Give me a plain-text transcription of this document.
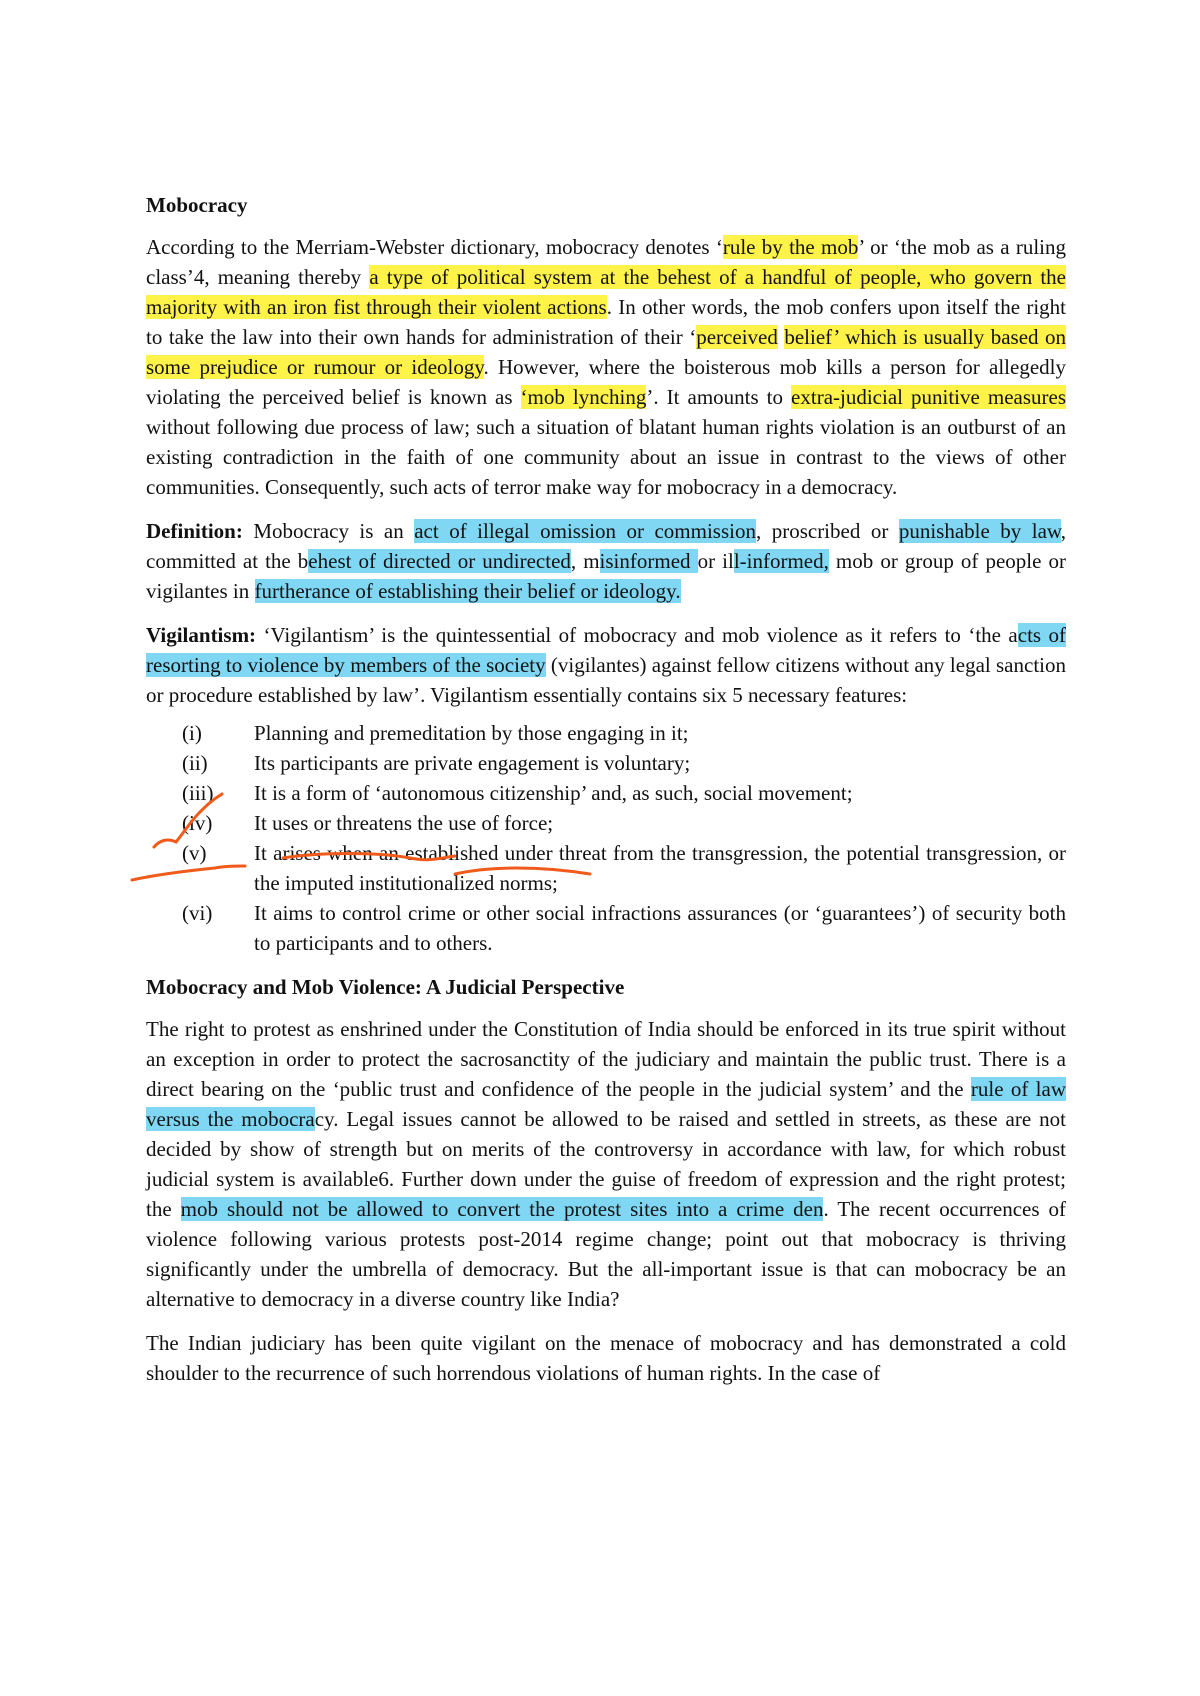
Mobocracy

According to the Merriam-Webster dictionary, mobocracy denotes ‘rule by the mob’ or ‘the mob as a ruling class’4, meaning thereby a type of political system at the behest of a handful of people, who govern the majority with an iron fist through their violent actions. In other words, the mob confers upon itself the right to take the law into their own hands for administration of their ‘perceived belief’ which is usually based on some prejudice or rumour or ideology. However, where the boisterous mob kills a person for allegedly violating the perceived belief is known as ‘mob lynching’. It amounts to extra-judicial punitive measures without following due process of law; such a situation of blatant human rights violation is an outburst of an existing contradiction in the faith of one community about an issue in contrast to the views of other communities. Consequently, such acts of terror make way for mobocracy in a democracy.

Definition: Mobocracy is an act of illegal omission or commission, proscribed or punishable by law, committed at the behest of directed or undirected, misinformed or ill-informed, mob or group of people or vigilantes in furtherance of establishing their belief or ideology.

Vigilantism: ‘Vigilantism’ is the quintessential of mobocracy and mob violence as it refers to ‘the acts of resorting to violence by members of the society (vigilantes) against fellow citizens without any legal sanction or procedure established by law’. Vigilantism essentially contains six 5 necessary features:

(i)	Planning and premeditation by those engaging in it;
(ii)	Its participants are private engagement is voluntary;
(iii)	It is a form of ‘autonomous citizenship’ and, as such, social movement;
(iv)	It uses or threatens the use of force;
(v)	It arises when an established under threat from the transgression, the potential transgression, or the imputed institutionalized norms;
(vi)	It aims to control crime or other social infractions assurances (or ‘guarantees’) of security both to participants and to others.
Mobocracy and Mob Violence: A Judicial Perspective

The right to protest as enshrined under the Constitution of India should be enforced in its true spirit without an exception in order to protect the sacrosanctity of the judiciary and maintain the public trust. There is a direct bearing on the ‘public trust and confidence of the people in the judicial system’ and the rule of law versus the mobocracy. Legal issues cannot be allowed to be raised and settled in streets, as these are not decided by show of strength but on merits of the controversy in accordance with law, for which robust judicial system is available6. Further down under the guise of freedom of expression and the right protest; the mob should not be allowed to convert the protest sites into a crime den. The recent occurrences of violence following various protests post-2014 regime change; point out that mobocracy is thriving significantly under the umbrella of democracy. But the all-important issue is that can mobocracy be an alternative to democracy in a diverse country like India?

The Indian judiciary has been quite vigilant on the menace of mobocracy and has demonstrated a cold shoulder to the recurrence of such horrendous violations of human rights. In the case of
